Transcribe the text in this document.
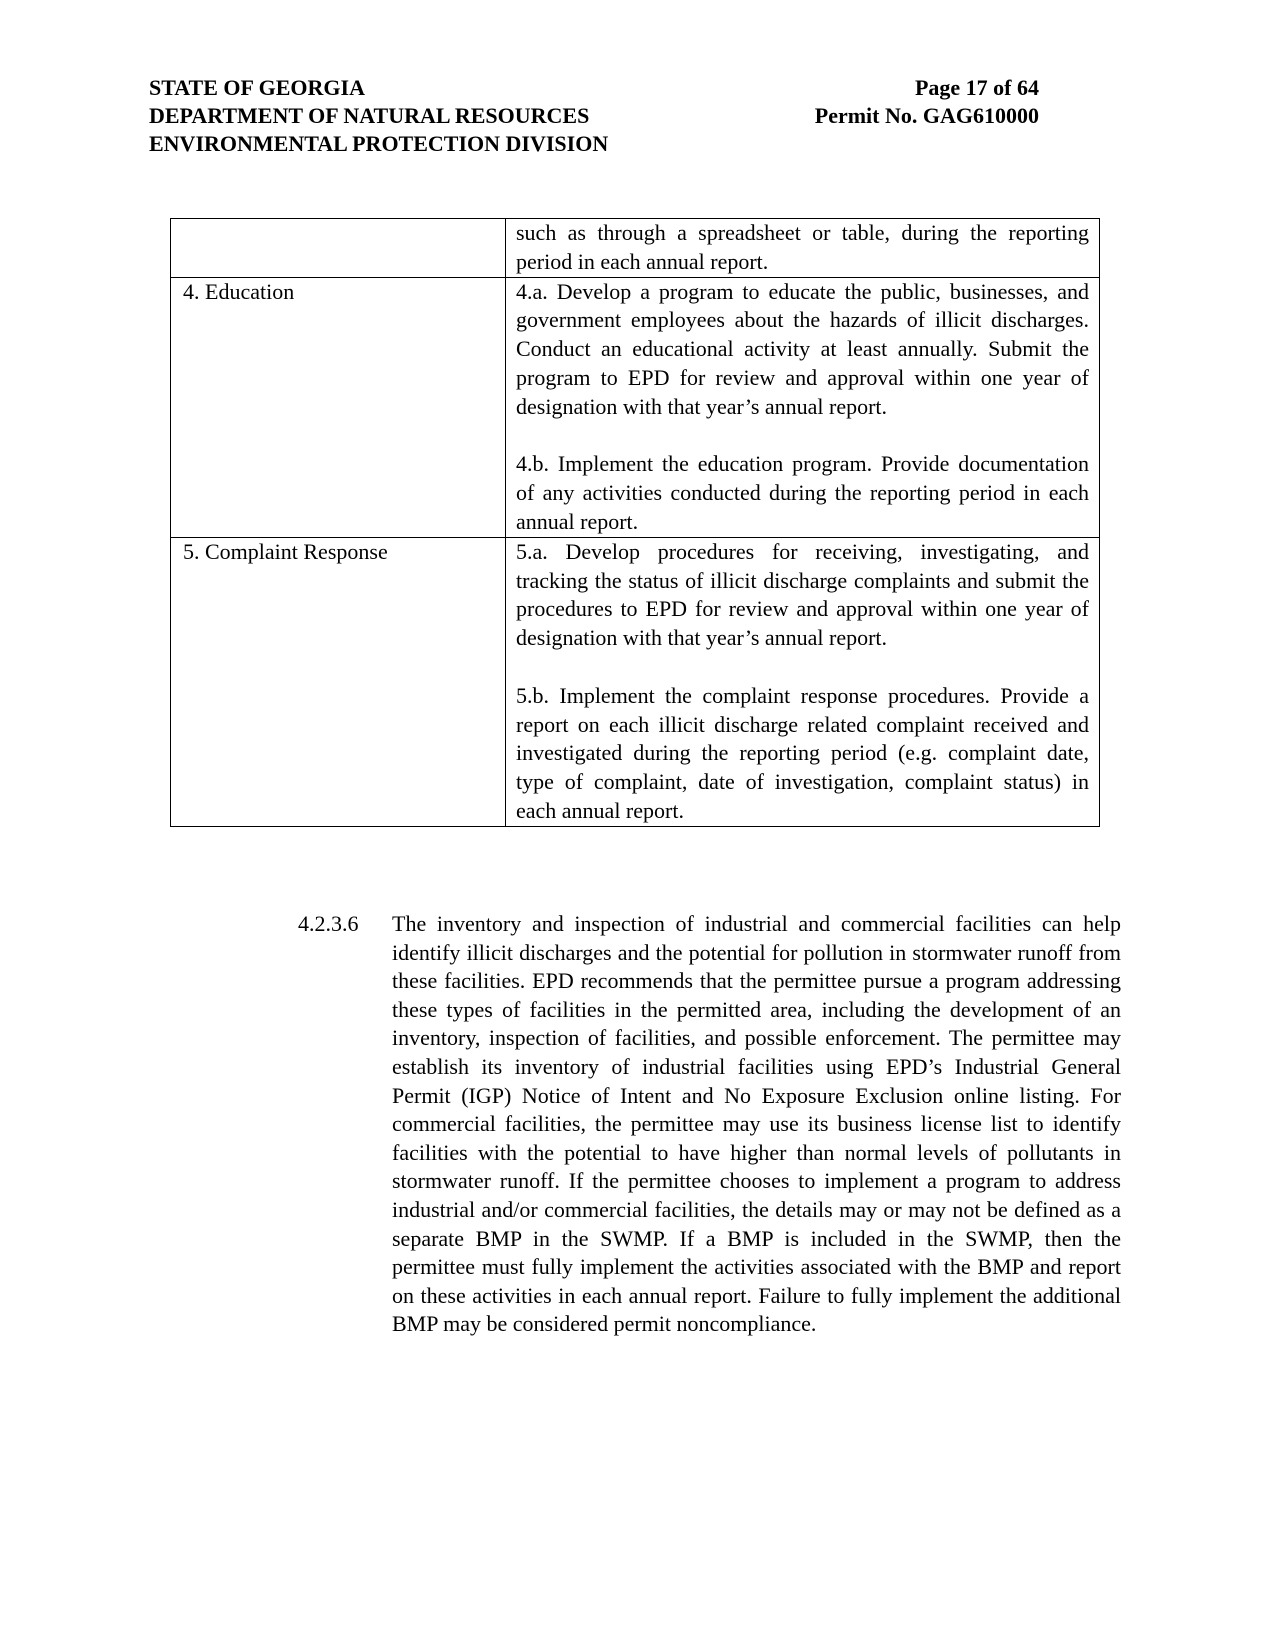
STATE OF GEORGIA
DEPARTMENT OF NATURAL RESOURCES
ENVIRONMENTAL PROTECTION DIVISION
Page 17 of 64
Permit No. GAG610000

	such as through a spreadsheet or table, during the reporting period in each annual report.

4. Education	4.a. Develop a program to educate the public, businesses, and government employees about the hazards of illicit discharges. Conduct an educational activity at least annually. Submit the program to EPD for review and approval within one year of designation with that year’s annual report.
4.b. Implement the education program. Provide documentation of any activities conducted during the reporting period in each annual report.

5. Complaint Response	5.a. Develop procedures for receiving, investigating, and tracking the status of illicit discharge complaints and submit the procedures to EPD for review and approval within one year of designation with that year’s annual report.
5.b. Implement the complaint response procedures. Provide a report on each illicit discharge related complaint received and investigated during the reporting period (e.g. complaint date, type of complaint, date of investigation, complaint status) in each annual report.
4.2.3.6	The inventory and inspection of industrial and commercial facilities can help identify illicit discharges and the potential for pollution in stormwater runoff from these facilities. EPD recommends that the permittee pursue a program addressing these types of facilities in the permitted area, including the development of an inventory, inspection of facilities, and possible enforcement. The permittee may establish its inventory of industrial facilities using EPD’s Industrial General Permit (IGP) Notice of Intent and No Exposure Exclusion online listing. For commercial facilities, the permittee may use its business license list to identify facilities with the potential to have higher than normal levels of pollutants in stormwater runoff. If the permittee chooses to implement a program to address industrial and/or commercial facilities, the details may or may not be defined as a separate BMP in the SWMP. If a BMP is included in the SWMP, then the permittee must fully implement the activities associated with the BMP and report on these activities in each annual report. Failure to fully implement the additional BMP may be considered permit noncompliance.
